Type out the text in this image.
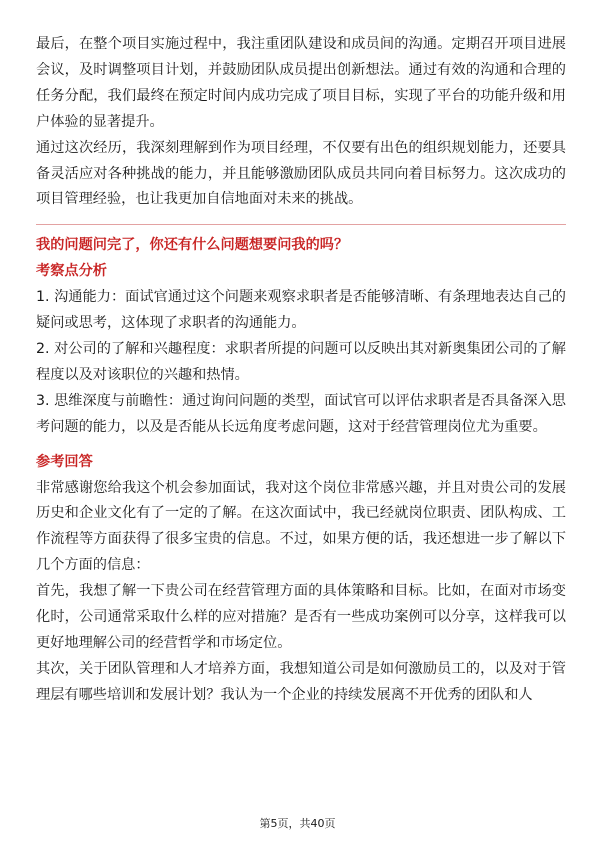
最后，在整个项目实施过程中，我注重团队建设和成员间的沟通。定期召开项目进展会议，及时调整项目计划，并鼓励团队成员提出创新想法。通过有效的沟通和合理的任务分配，我们最终在预定时间内成功完成了项目目标，实现了平台的功能升级和用户体验的显著提升。

通过这次经历，我深刻理解到作为项目经理，不仅要有出色的组织规划能力，还要具备灵活应对各种挑战的能力，并且能够激励团队成员共同向着目标努力。这次成功的项目管理经验，也让我更加自信地面对未来的挑战。

我的问题问完了，你还有什么问题想要问我的吗？

考察点分析

1. 沟通能力：面试官通过这个问题来观察求职者是否能够清晰、有条理地表达自己的疑问或思考，这体现了求职者的沟通能力。

2. 对公司的了解和兴趣程度：求职者所提的问题可以反映出其对新奥集团公司的了解程度以及对该职位的兴趣和热情。

3. 思维深度与前瞻性：通过询问问题的类型，面试官可以评估求职者是否具备深入思考问题的能力，以及是否能从长远角度考虑问题，这对于经营管理岗位尤为重要。

参考回答

非常感谢您给我这个机会参加面试，我对这个岗位非常感兴趣，并且对贵公司的发展历史和企业文化有了一定的了解。在这次面试中，我已经就岗位职责、团队构成、工作流程等方面获得了很多宝贵的信息。不过，如果方便的话，我还想进一步了解以下几个方面的信息：

首先，我想了解一下贵公司在经营管理方面的具体策略和目标。比如，在面对市场变化时，公司通常采取什么样的应对措施？是否有一些成功案例可以分享，这样我可以更好地理解公司的经营哲学和市场定位。

其次，关于团队管理和人才培养方面，我想知道公司是如何激励员工的，以及对于管理层有哪些培训和发展计划？我认为一个企业的持续发展离不开优秀的团队和人

第5页，共40页
